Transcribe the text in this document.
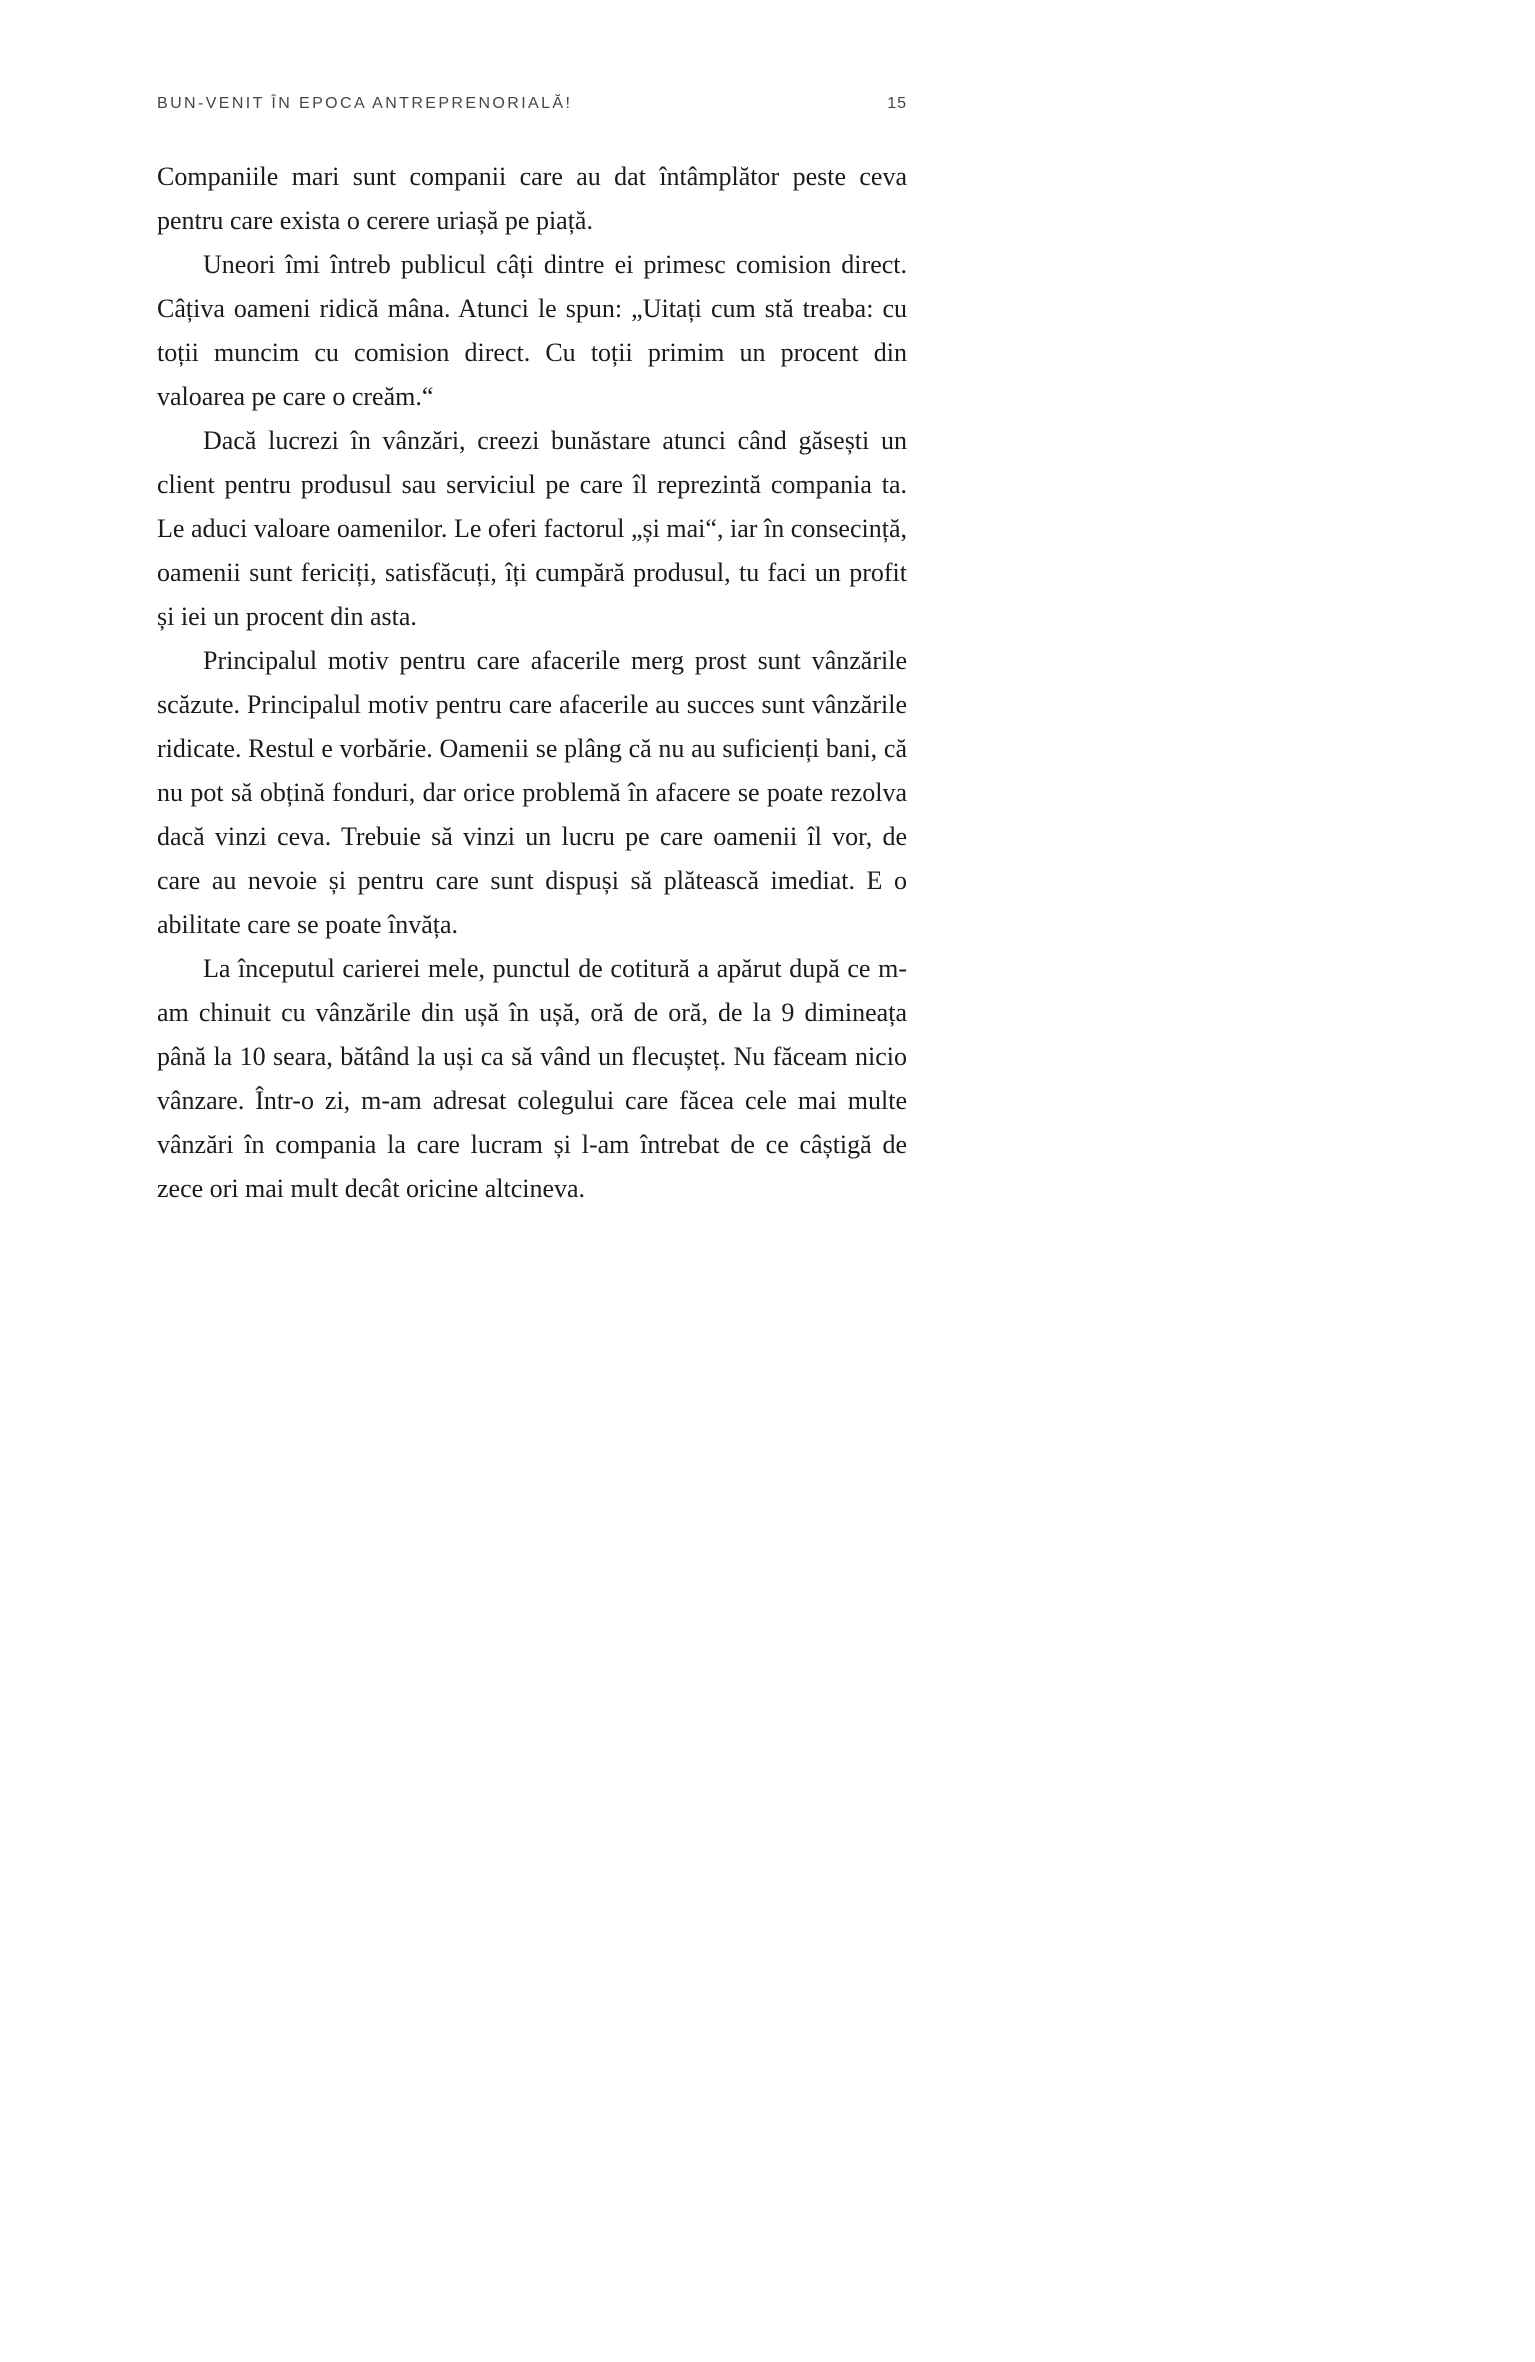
BUN-VENIT ÎN EPOCA ANTREPRENORIALĂ!	15

Companiile mari sunt companii care au dat întâmplător peste ceva pentru care exista o cerere uriașă pe piață.

Uneori îmi întreb publicul câți dintre ei primesc comision direct. Câțiva oameni ridică mâna. Atunci le spun: „Uitați cum stă treaba: cu toții muncim cu comision direct. Cu toții primim un procent din valoarea pe care o creăm.“

Dacă lucrezi în vânzări, creezi bunăstare atunci când găsești un client pentru produsul sau serviciul pe care îl reprezintă compania ta. Le aduci valoare oamenilor. Le oferi factorul „și mai“, iar în consecință, oamenii sunt fericiți, satisfăcuți, îți cumpără produsul, tu faci un profit și iei un procent din asta.

Principalul motiv pentru care afacerile merg prost sunt vânzările scăzute. Principalul motiv pentru care afacerile au succes sunt vânzările ridicate. Restul e vorbărie. Oamenii se plâng că nu au suficienți bani, că nu pot să obțină fonduri, dar orice problemă în afacere se poate rezolva dacă vinzi ceva. Trebuie să vinzi un lucru pe care oamenii îl vor, de care au nevoie și pentru care sunt dispuși să plătească imediat. E o abilitate care se poate învăța.

La începutul carierei mele, punctul de cotitură a apărut după ce m-am chinuit cu vânzările din ușă în ușă, oră de oră, de la 9 dimineața până la 10 seara, bătând la uși ca să vând un flecușteț. Nu făceam nicio vânzare. Într-o zi, m-am adresat colegului care făcea cele mai multe vânzări în compania la care lucram și l-am întrebat de ce câștigă de zece ori mai mult decât oricine altcineva.
